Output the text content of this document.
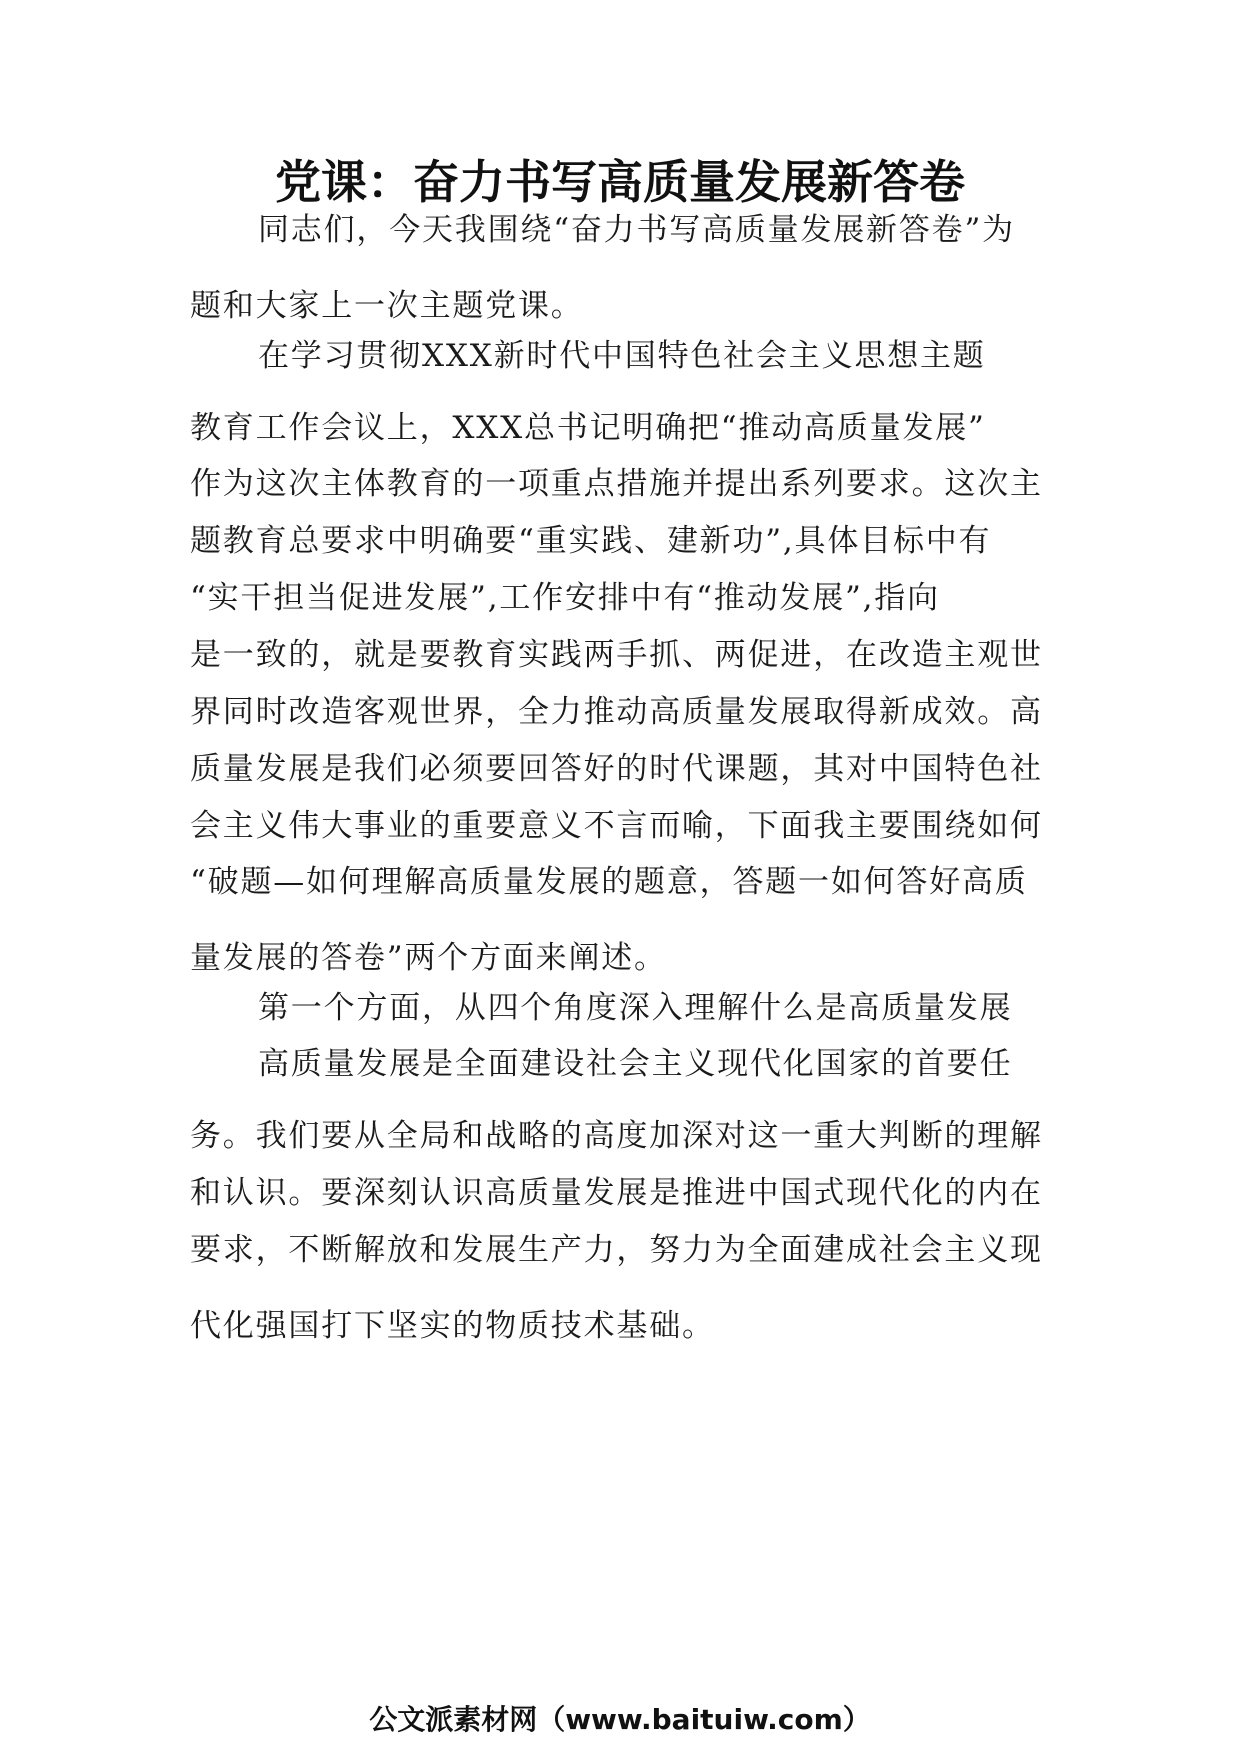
党课：奋力书写高质量发展新答卷
同志们，今天我围绕“奋力书写高质量发展新答卷”为
题和大家上一次主题党课。
在学习贯彻XXX新时代中国特色社会主义思想主题
教育工作会议上，XXX总书记明确把“推动高质量发展”
作为这次主体教育的一项重点措施并提出系列要求。这次主
题教育总要求中明确要“重实践、建新功”,具体目标中有
“实干担当促进发展”,工作安排中有“推动发展”,指向
是一致的，就是要教育实践两手抓、两促进，在改造主观世
界同时改造客观世界，全力推动高质量发展取得新成效。高
质量发展是我们必须要回答好的时代课题，其对中国特色社
会主义伟大事业的重要意义不言而喻，下面我主要围绕如何
“破题—如何理解高质量发展的题意，答题一如何答好高质
量发展的答卷”两个方面来阐述。
第一个方面，从四个角度深入理解什么是高质量发展
高质量发展是全面建设社会主义现代化国家的首要任
务。我们要从全局和战略的高度加深对这一重大判断的理解
和认识。要深刻认识高质量发展是推进中国式现代化的内在
要求，不断解放和发展生产力，努力为全面建成社会主义现
代化强国打下坚实的物质技术基础。
公文派素材网（www.baituiw.com）
